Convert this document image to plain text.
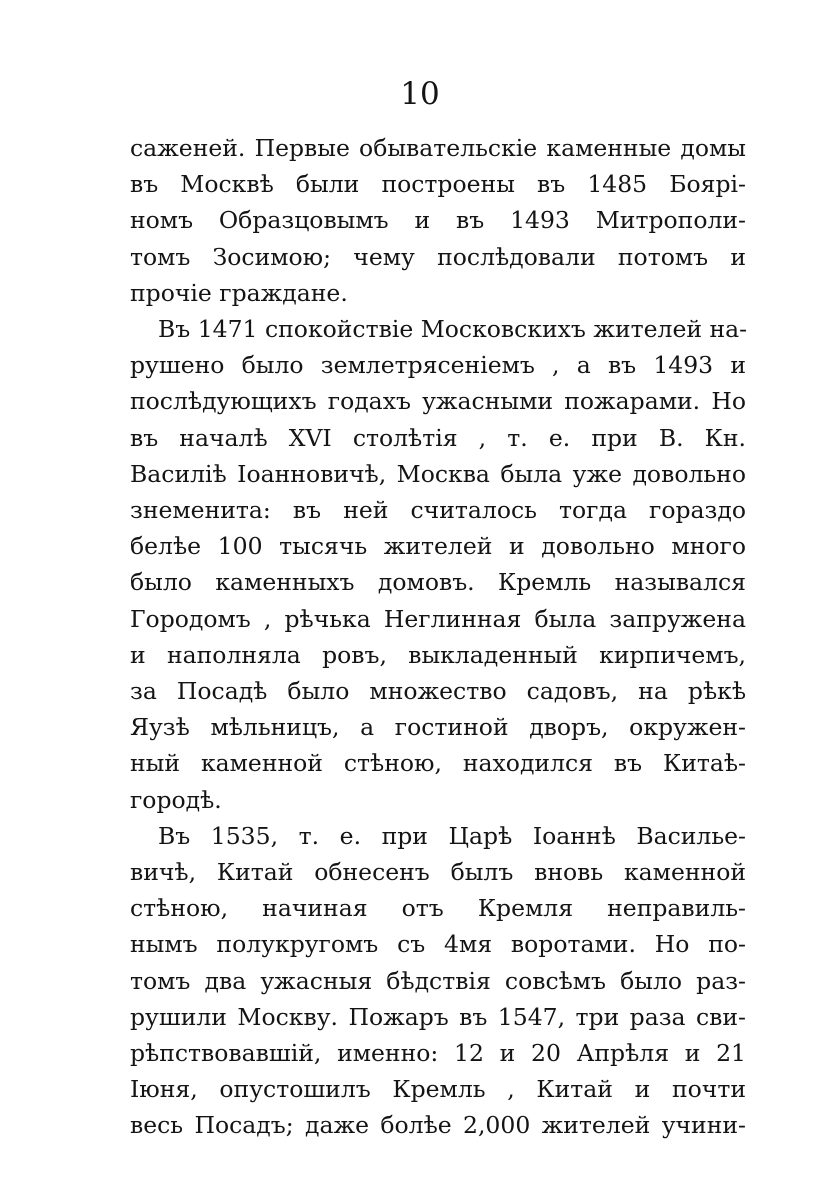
10
саженей. Первые обывательскіе каменные домы
въ Москвѣ были построены въ 1485 Боярі-
номъ Образцовымъ и въ 1493 Митрополи-
томъ Зосимою; чему послѣдовали потомъ и
прочіе граждане.
Въ 1471 спокойствіе Московскихъ жителей на-
рушено было землетрясеніемъ , а въ 1493 и
послѣдующихъ годахъ ужасными пожарами. Но
въ началѣ XVI столѣтія , т. е. при В. Кн.
Василіѣ Іоанновичѣ, Москва была уже довольно
знеменита: въ ней считалось тогда гораздо
белѣе 100 тысячь жителей и довольно много
было каменныхъ домовъ. Кремль назывался
Городомъ , рѣчька Неглинная была запружена
и наполняла ровъ, выкладенный кирпичемъ,
за Посадѣ было множество садовъ, на рѣкѣ
Яузѣ мѣльницъ, а гостиной дворъ, окружен-
ный каменной стѣною, находился въ Китаѣ-
городѣ.
Въ 1535, т. е. при Царѣ Іоаннѣ Васильe-
вичѣ, Китай обнесенъ былъ вновь каменной
стѣною, начиная отъ Кремля неправиль-
нымъ полукругомъ съ 4мя воротами. Но по-
томъ два ужасныя бѣдствія совсѣмъ было раз-
рушили Москву. Пожаръ въ 1547, три раза сви-
рѣпствовавшій, именно: 12 и 20 Апрѣля и 21
Іюня, опустошилъ Кремль , Китай и почти
весь Посадъ; даже болѣе 2,000 жителей учини-
